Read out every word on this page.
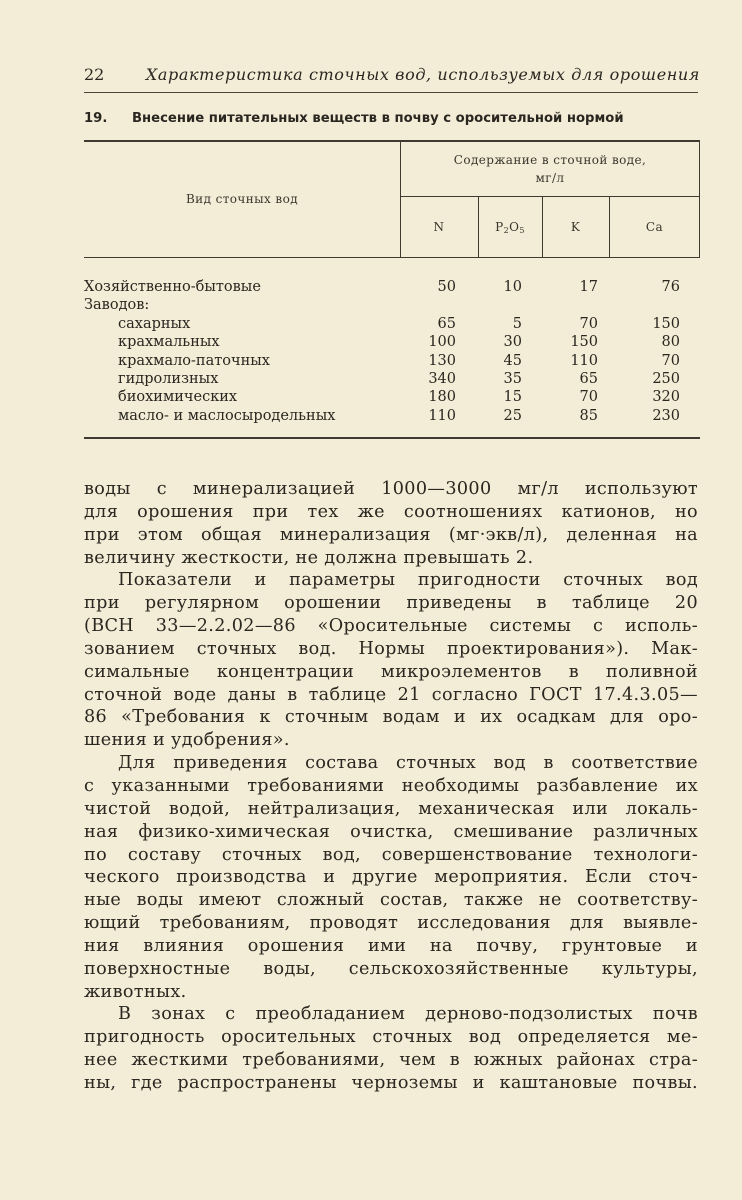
22	Характеристика сточных вод, используемых для орошения
19. Внесение питательных веществ в почву с оросительной нормой
Вид сточных вод
Содержание в сточной воде,
мг/л
N	$P_2O_5$	K	Ca
Хозяйственно-бытовые	50	10	17	76
Заводов:
сахарных	65	5	70	150
крахмальных	100	30	150	80
крахмало-паточных	130	45	110	70
гидролизных	340	35	65	250
биохимических	180	15	70	320
масло- и маслосыродельных	110	25	85	230

воды с минерализацией 1000—3000 мг/л используют
для орошения при тех же соотношениях катионов, но
при этом общая минерализация (мг·экв/л), деленная на
величину жесткости, не должна превышать 2.

Показатели и параметры пригодности сточных вод
при регулярном орошении приведены в таблице 20
(ВСН 33—2.2.02—86 «Оросительные системы с исполь-
зованием сточных вод. Нормы проектирования»). Мак-
симальные концентрации микроэлементов в поливной
сточной воде даны в таблице 21 согласно ГОСТ 17.4.3.05—
86 «Требования к сточным водам и их осадкам для оро-
шения и удобрения».

Для приведения состава сточных вод в соответствие
с указанными требованиями необходимы разбавление их
чистой водой, нейтрализация, механическая или локаль-
ная физико-химическая очистка, смешивание различных
по составу сточных вод, совершенствование технологи-
ческого производства и другие мероприятия. Если сточ-
ные воды имеют сложный состав, также не соответству-
ющий требованиям, проводят исследования для выявле-
ния влияния орошения ими на почву, грунтовые и
поверхностные воды, сельскохозяйственные культуры,
животных.

В зонах с преобладанием дерново-подзолистых почв
пригодность оросительных сточных вод определяется ме-
нее жесткими требованиями, чем в южных районах стра-
ны, где распространены черноземы и каштановые почвы.
